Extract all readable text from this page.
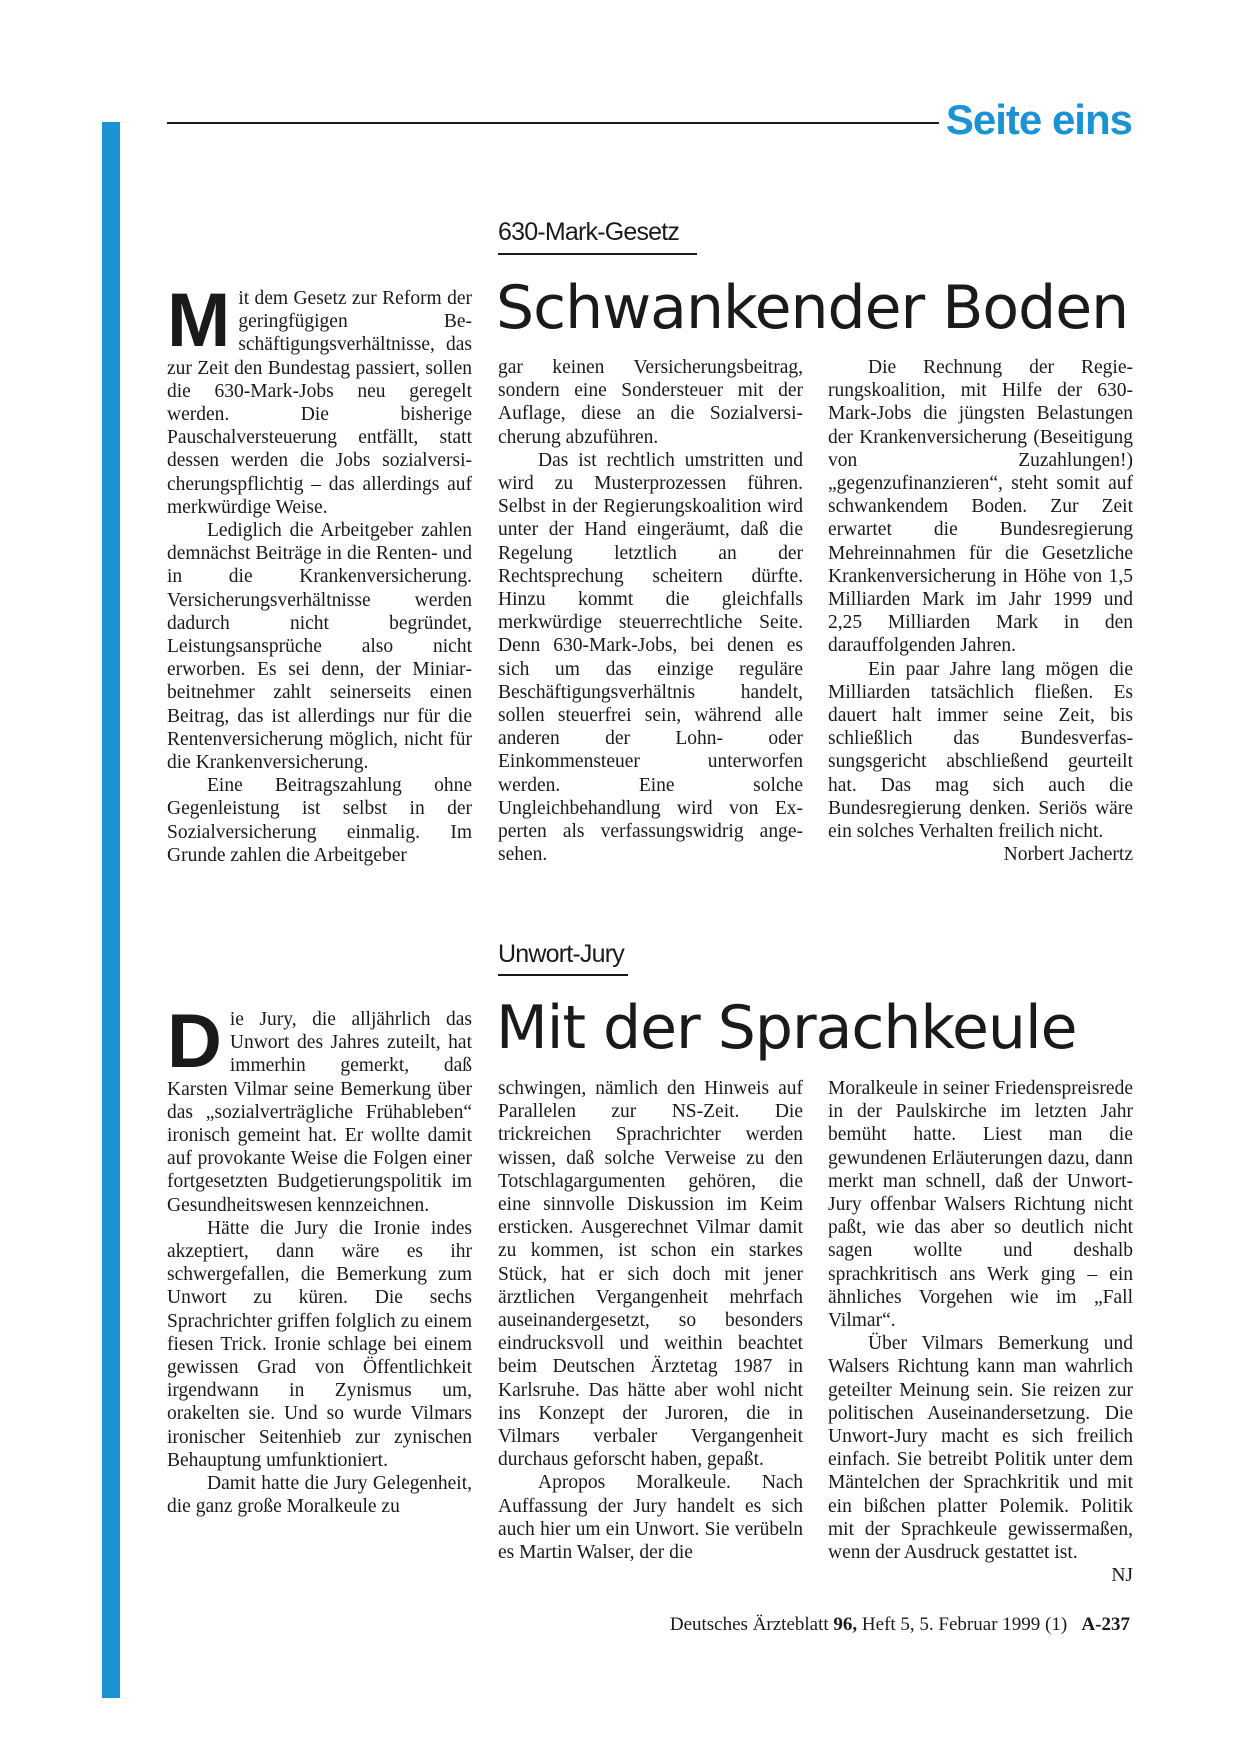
Seite eins
630-Mark-Gesetz
Schwankender Boden

Mit dem Gesetz zur Reform der geringfügigen Beschäftigungsverhältnisse, das zur Zeit den Bundestag passiert, sollen die 630-Mark-Jobs neu geregelt werden. Die bisherige Pauschalversteuerung entfällt, statt dessen werden die Jobs sozialversicherungspflichtig – das allerdings auf merkwürdige Weise.

Lediglich die Arbeitgeber zahlen demnächst Beiträge in die Renten- und in die Krankenversicherung. Versicherungsverhältnisse werden dadurch nicht begründet, Leistungsansprüche also nicht erworben. Es sei denn, der Miniarbeitnehmer zahlt seinerseits einen Beitrag, das ist allerdings nur für die Rentenversicherung möglich, nicht für die Krankenversicherung.

Eine Beitragszahlung ohne Gegenleistung ist selbst in der Sozialversicherung einmalig. Im Grunde zahlen die Arbeitgeber

gar keinen Versicherungsbeitrag, sondern eine Sondersteuer mit der Auflage, diese an die Sozialversicherung abzuführen.

Das ist rechtlich umstritten und wird zu Musterprozessen führen. Selbst in der Regierungskoalition wird unter der Hand eingeräumt, daß die Regelung letztlich an der Rechtsprechung scheitern dürfte. Hinzu kommt die gleichfalls merkwürdige steuerrechtliche Seite. Denn 630-Mark-Jobs, bei denen es sich um das einzige reguläre Beschäftigungsverhältnis handelt, sollen steuerfrei sein, während alle anderen der Lohn- oder Einkommensteuer unterworfen werden. Eine solche Ungleichbehandlung wird von Experten als verfassungswidrig angesehen.

Die Rechnung der Regierungskoalition, mit Hilfe der 630-Mark-Jobs die jüngsten Belastungen der Krankenversicherung (Beseitigung von Zuzahlungen!) „gegenzufinanzieren“, steht somit auf schwankendem Boden. Zur Zeit erwartet die Bundesregierung Mehreinnahmen für die Gesetzliche Krankenversicherung in Höhe von 1,5 Milliarden Mark im Jahr 1999 und 2,25 Milliarden Mark in den darauffolgenden Jahren.

Ein paar Jahre lang mögen die Milliarden tatsächlich fließen. Es dauert halt immer seine Zeit, bis schließlich das Bundesverfassungsgericht abschließend geurteilt hat. Das mag sich auch die Bundesregierung denken. Seriös wäre ein solches Verhalten freilich nicht.
Norbert Jachertz

Unwort-Jury
Mit der Sprachkeule

Die Jury, die alljährlich das Unwort des Jahres zuteilt, hat immerhin gemerkt, daß Karsten Vilmar seine Bemerkung über das „sozialverträgliche Frühableben“ ironisch gemeint hat. Er wollte damit auf provokante Weise die Folgen einer fortgesetzten Budgetierungspolitik im Gesundheitswesen kennzeichnen.

Hätte die Jury die Ironie indes akzeptiert, dann wäre es ihr schwergefallen, die Bemerkung zum Unwort zu küren. Die sechs Sprachrichter griffen folglich zu einem fiesen Trick. Ironie schlage bei einem gewissen Grad von Öffentlichkeit irgendwann in Zynismus um, orakelten sie. Und so wurde Vilmars ironischer Seitenhieb zur zynischen Behauptung umfunktioniert.

Damit hatte die Jury Gelegenheit, die ganz große Moralkeule zu

schwingen, nämlich den Hinweis auf Parallelen zur NS-Zeit. Die trickreichen Sprachrichter werden wissen, daß solche Verweise zu den Totschlagargumenten gehören, die eine sinnvolle Diskussion im Keim ersticken. Ausgerechnet Vilmar damit zu kommen, ist schon ein starkes Stück, hat er sich doch mit jener ärztlichen Vergangenheit mehrfach auseinandergesetzt, so besonders eindrucksvoll und weithin beachtet beim Deutschen Ärztetag 1987 in Karlsruhe. Das hätte aber wohl nicht ins Konzept der Juroren, die in Vilmars verbaler Vergangenheit durchaus geforscht haben, gepaßt.

Apropos Moralkeule. Nach Auffassung der Jury handelt es sich auch hier um ein Unwort. Sie verübeln es Martin Walser, der die

Moralkeule in seiner Friedenspreisrede in der Paulskirche im letzten Jahr bemüht hatte. Liest man die gewundenen Erläuterungen dazu, dann merkt man schnell, daß der Unwort-Jury offenbar Walsers Richtung nicht paßt, wie das aber so deutlich nicht sagen wollte und deshalb sprachkritisch ans Werk ging – ein ähnliches Vorgehen wie im „Fall Vilmar“.

Über Vilmars Bemerkung und Walsers Richtung kann man wahrlich geteilter Meinung sein. Sie reizen zur politischen Auseinandersetzung. Die Unwort-Jury macht es sich freilich einfach. Sie betreibt Politik unter dem Mäntelchen der Sprachkritik und mit ein bißchen platter Polemik. Politik mit der Sprachkeule gewissermaßen, wenn der Ausdruck gestattet ist.
NJ

Deutsches Ärzteblatt 96, Heft 5, 5. Februar 1999 (1) A-237
